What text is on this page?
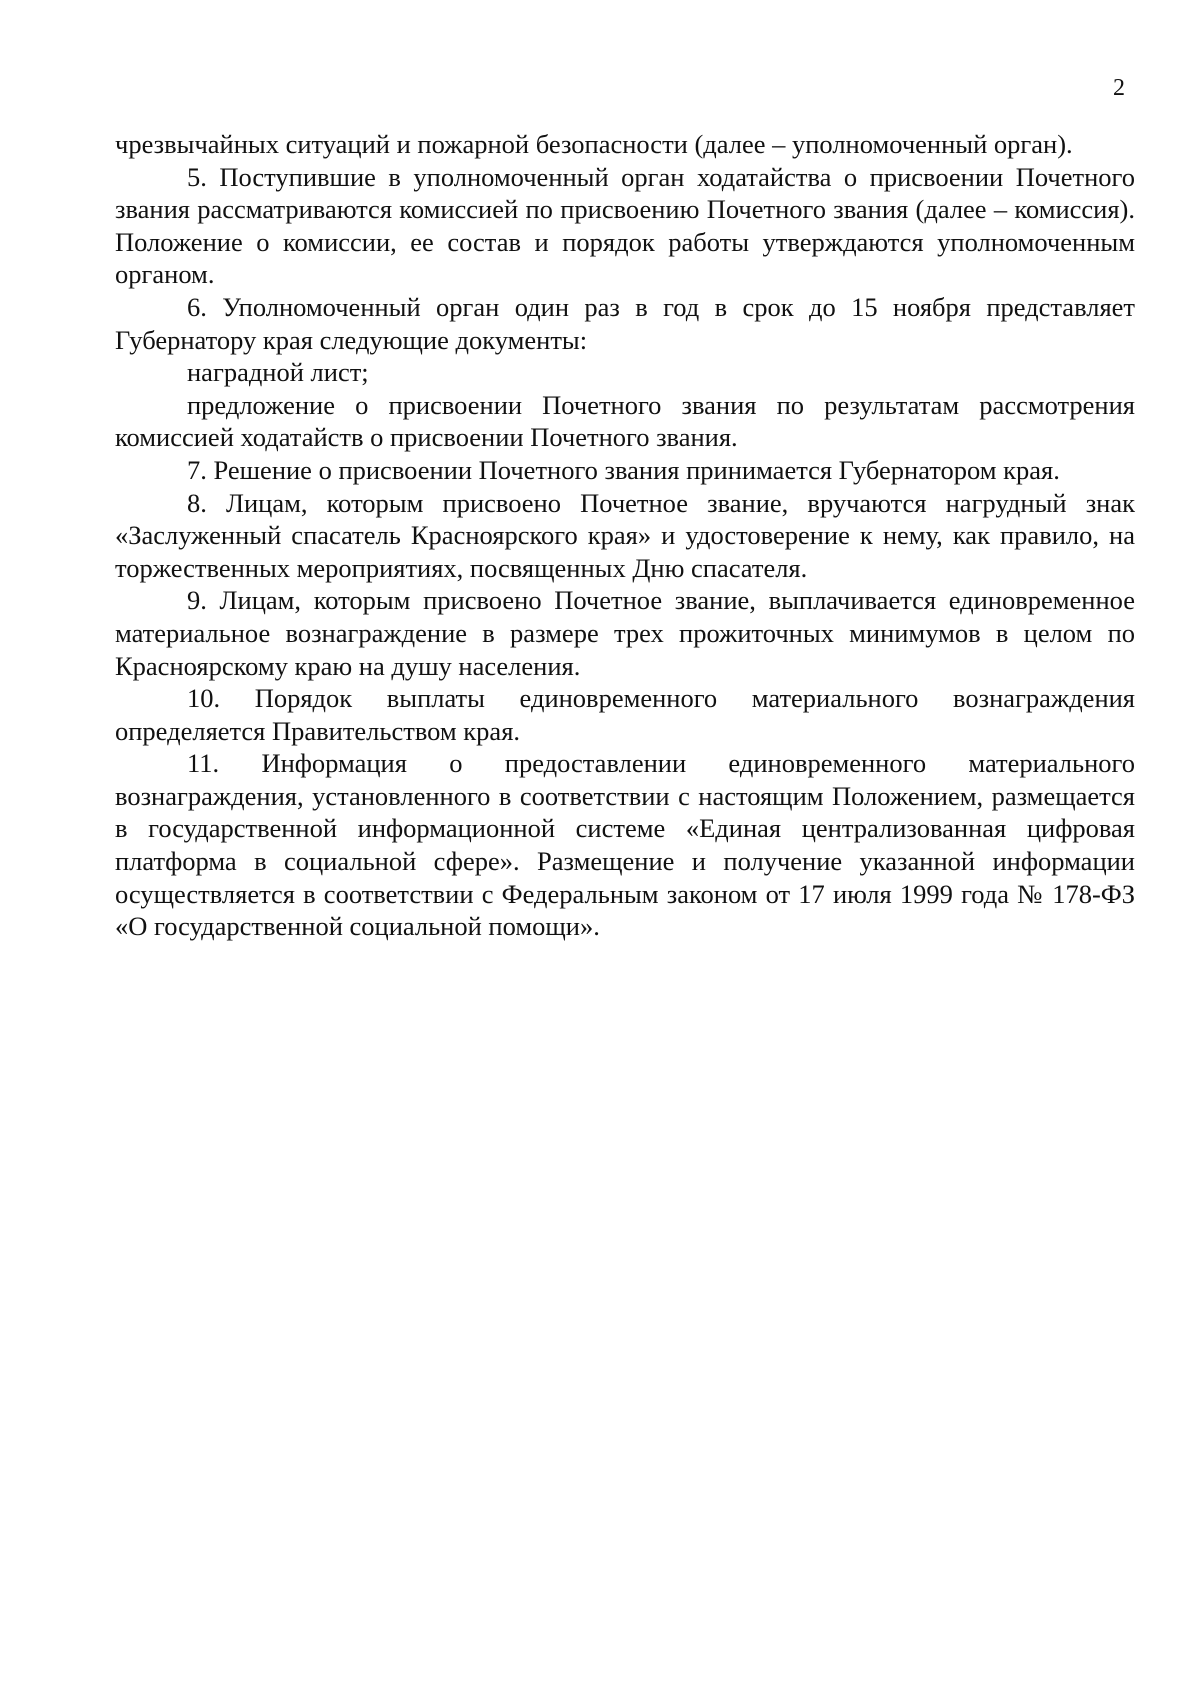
2

чрезвычайных ситуаций и пожарной безопасности (далее – уполномоченный орган).

5. Поступившие в уполномоченный орган ходатайства о присвоении Почетного звания рассматриваются комиссией по присвоению Почетного звания (далее – комиссия). Положение о комиссии, ее состав и порядок работы утверждаются уполномоченным органом.

6. Уполномоченный орган один раз в год в срок до 15 ноября представляет Губернатору края следующие документы:

наградной лист;

предложение о присвоении Почетного звания по результатам рассмотрения комиссией ходатайств о присвоении Почетного звания.

7. Решение о присвоении Почетного звания принимается Губернатором края.

8. Лицам, которым присвоено Почетное звание, вручаются нагрудный знак «Заслуженный спасатель Красноярского края» и удостоверение к нему, как правило, на торжественных мероприятиях, посвященных Дню спасателя.

9. Лицам, которым присвоено Почетное звание, выплачивается единовременное материальное вознаграждение в размере трех прожиточных минимумов в целом по Красноярскому краю на душу населения.

10. Порядок выплаты единовременного материального вознаграждения определяется Правительством края.

11. Информация о предоставлении единовременного материального вознаграждения, установленного в соответствии с настоящим Положением, размещается в государственной информационной системе «Единая централизованная цифровая платформа в социальной сфере». Размещение и получение указанной информации осуществляется в соответствии с Федеральным законом от 17 июля 1999 года № 178-ФЗ «О государственной социальной помощи».
